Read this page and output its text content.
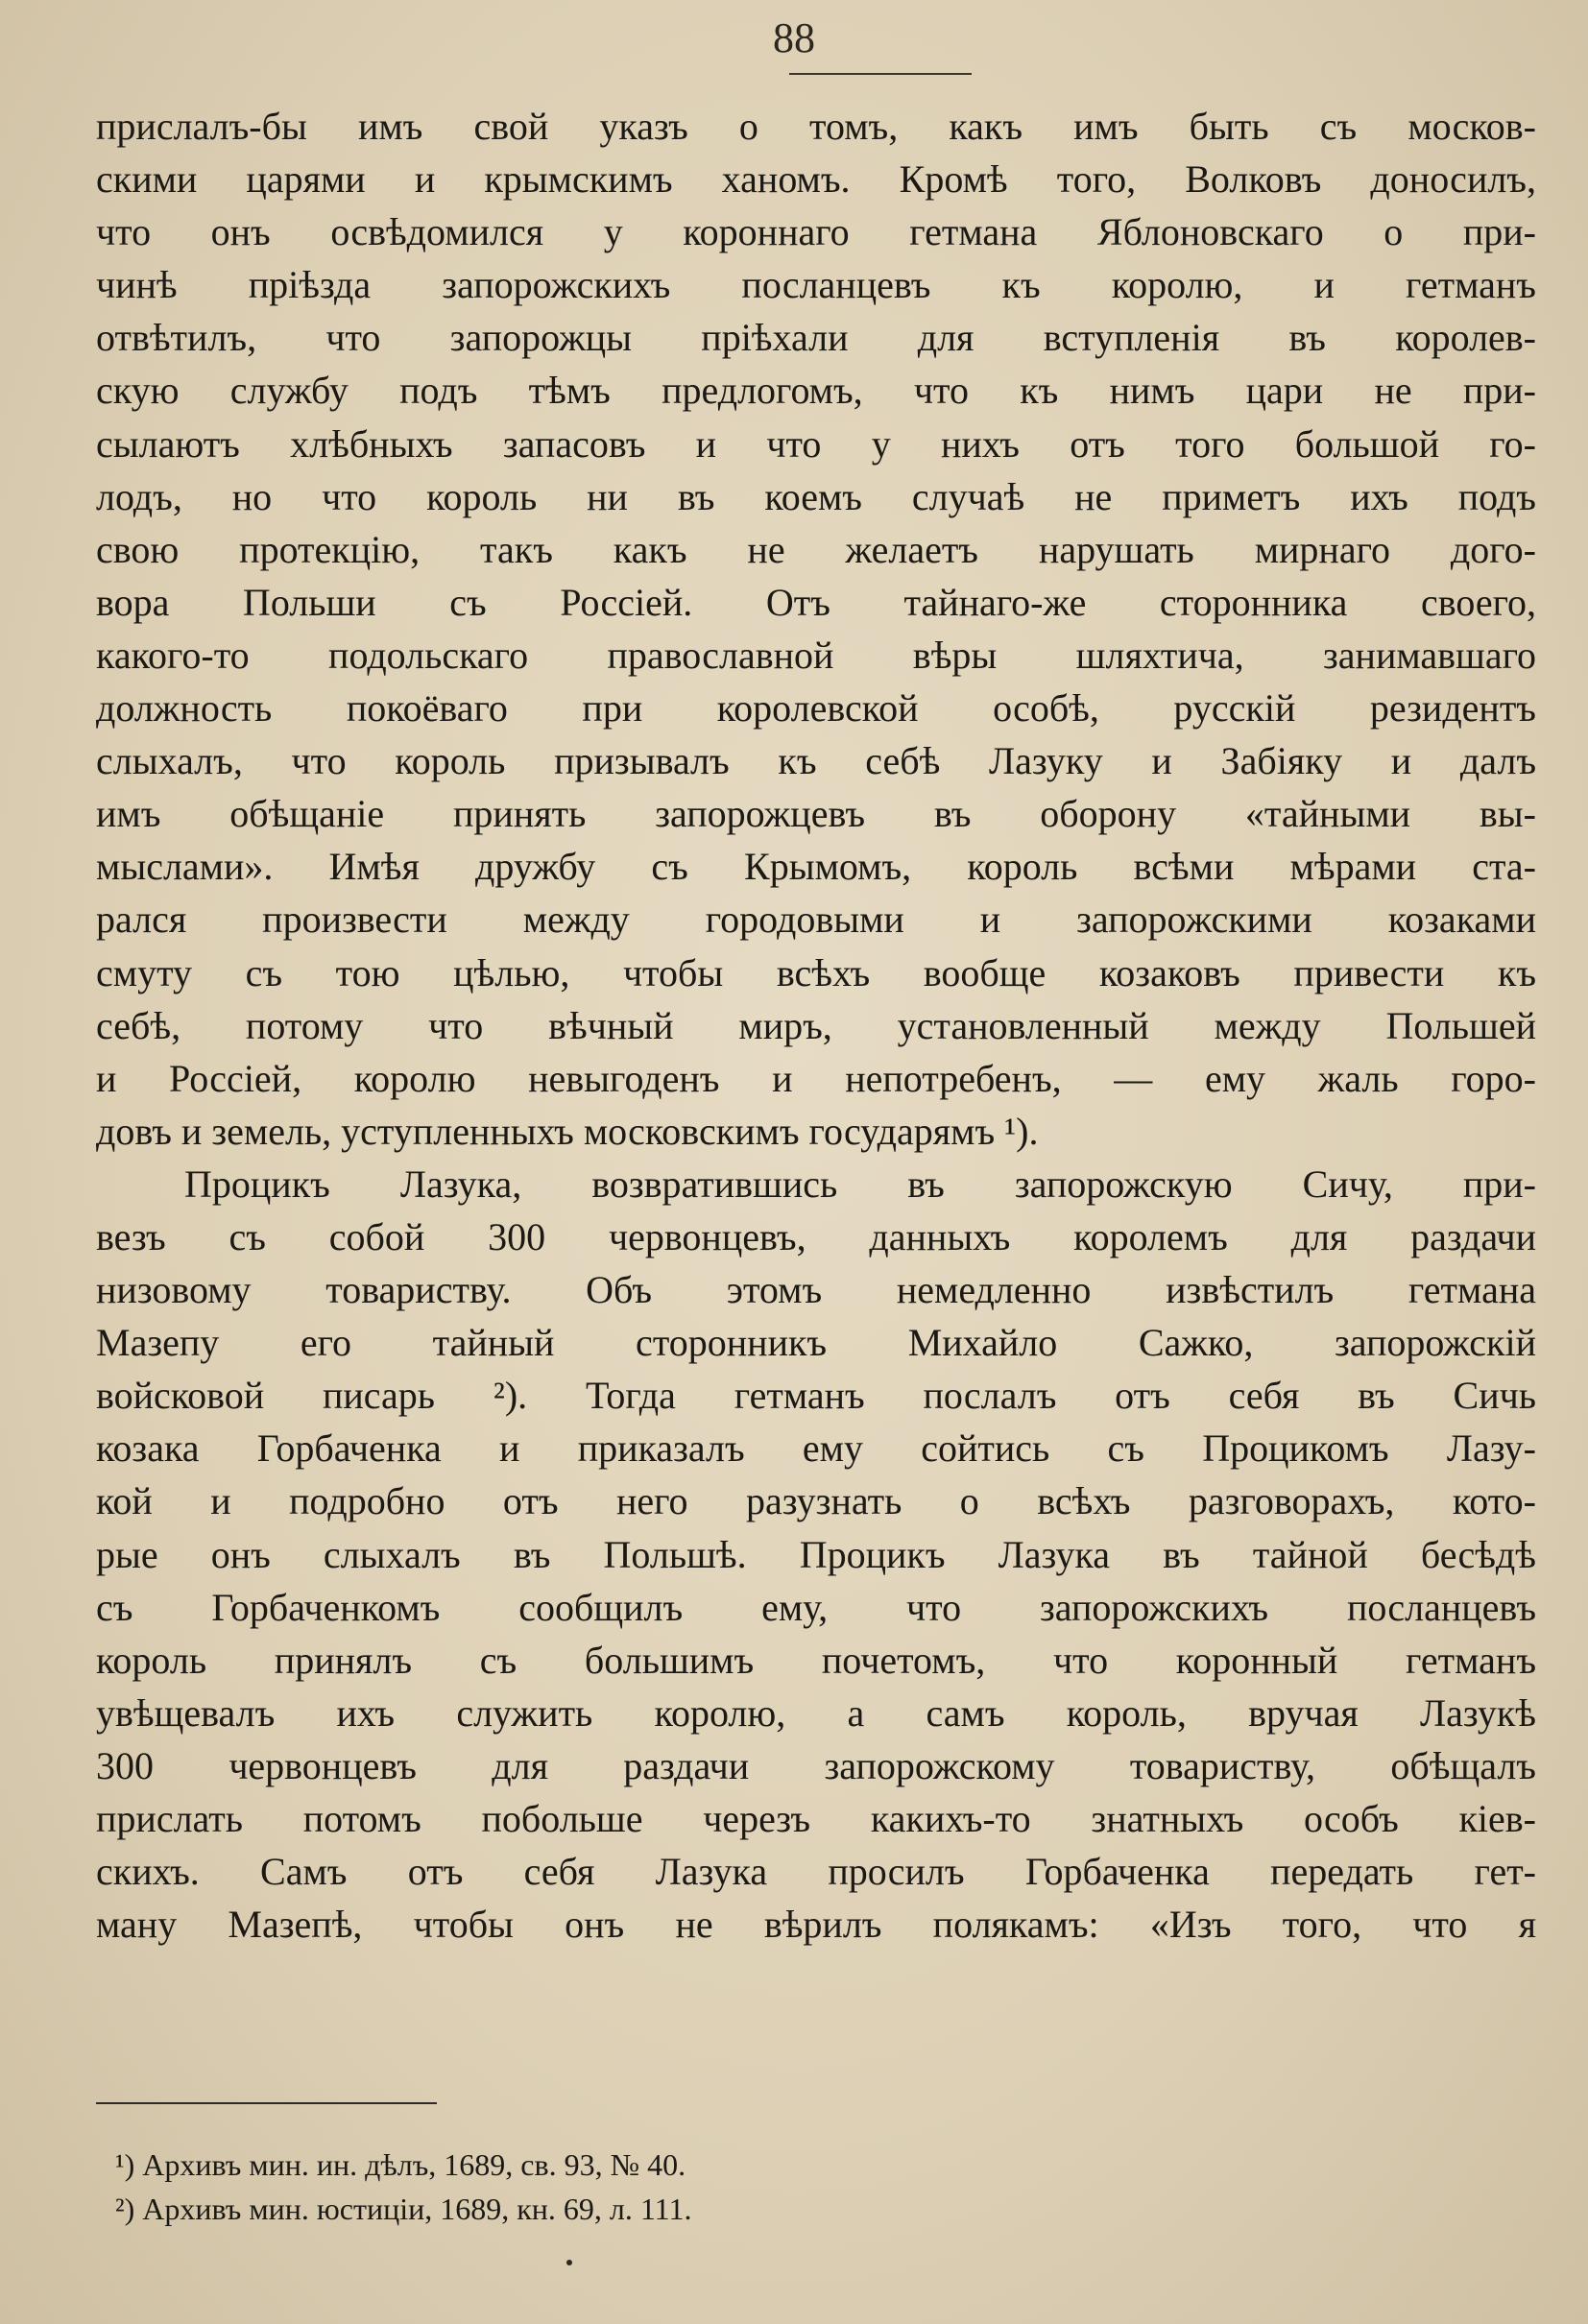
88
прислалъ-бы имъ свой указъ о томъ, какъ имъ быть съ москов-
скими царями и крымскимъ ханомъ. Кромѣ того, Волковъ доносилъ,
что онъ освѣдомился у короннаго гетмана Яблоновскаго о при-
чинѣ пріѣзда запорожскихъ посланцевъ къ королю, и гетманъ
отвѣтилъ, что запорожцы пріѣхали для вступленія въ королев-
скую службу подъ тѣмъ предлогомъ, что къ нимъ цари не при-
сылаютъ хлѣбныхъ запасовъ и что у нихъ отъ того большой го-
лодъ, но что король ни въ коемъ случаѣ не приметъ ихъ подъ
свою протекцію, такъ какъ не желаетъ нарушать мирнаго дого-
вора Польши съ Россіей. Отъ тайнаго-же сторонника своего,
какого-то подольскаго православной вѣры шляхтича, занимавшаго
должность покоёваго при королевской особѣ, русскій резидентъ
слыхалъ, что король призывалъ къ себѣ Лазуку и Забіяку и далъ
имъ обѣщаніе принять запорожцевъ въ оборону «тайными вы-
мыслами». Имѣя дружбу съ Крымомъ, король всѣми мѣрами ста-
рался произвести между городовыми и запорожскими козаками
смуту съ тою цѣлью, чтобы всѣхъ вообще козаковъ привести къ
себѣ, потому что вѣчный миръ, установленный между Польшей
и Россіей, королю невыгоденъ и непотребенъ, — ему жаль горо-
довъ и земель, уступленныхъ московскимъ государямъ ¹).
Процикъ Лазука, возвратившись въ запорожскую Сичу, при-
везъ съ собой 300 червонцевъ, данныхъ королемъ для раздачи
низовому товариству. Объ этомъ немедленно извѣстилъ гетмана
Мазепу его тайный сторонникъ Михайло Сажко, запорожскій
войсковой писарь ²). Тогда гетманъ послалъ отъ себя въ Сичь
козака Горбаченка и приказалъ ему сойтись съ Процикомъ Лазу-
кой и подробно отъ него разузнать о всѣхъ разговорахъ, кото-
рые онъ слыхалъ въ Польшѣ. Процикъ Лазука въ тайной бесѣдѣ
съ Горбаченкомъ сообщилъ ему, что запорожскихъ посланцевъ
король принялъ съ большимъ почетомъ, что коронный гетманъ
увѣщевалъ ихъ служить королю, а самъ король, вручая Лазукѣ
300 червонцевъ для раздачи запорожскому товариству, обѣщалъ
прислать потомъ побольше черезъ какихъ-то знатныхъ особъ кіев-
скихъ. Самъ отъ себя Лазука просилъ Горбаченка передать гет-
ману Мазепѣ, чтобы онъ не вѣрилъ полякамъ: «Изъ того, что я
¹) Архивъ мин. ин. дѣлъ, 1689, св. 93, № 40.
²) Архивъ мин. юстиціи, 1689, кн. 69, л. 111.
